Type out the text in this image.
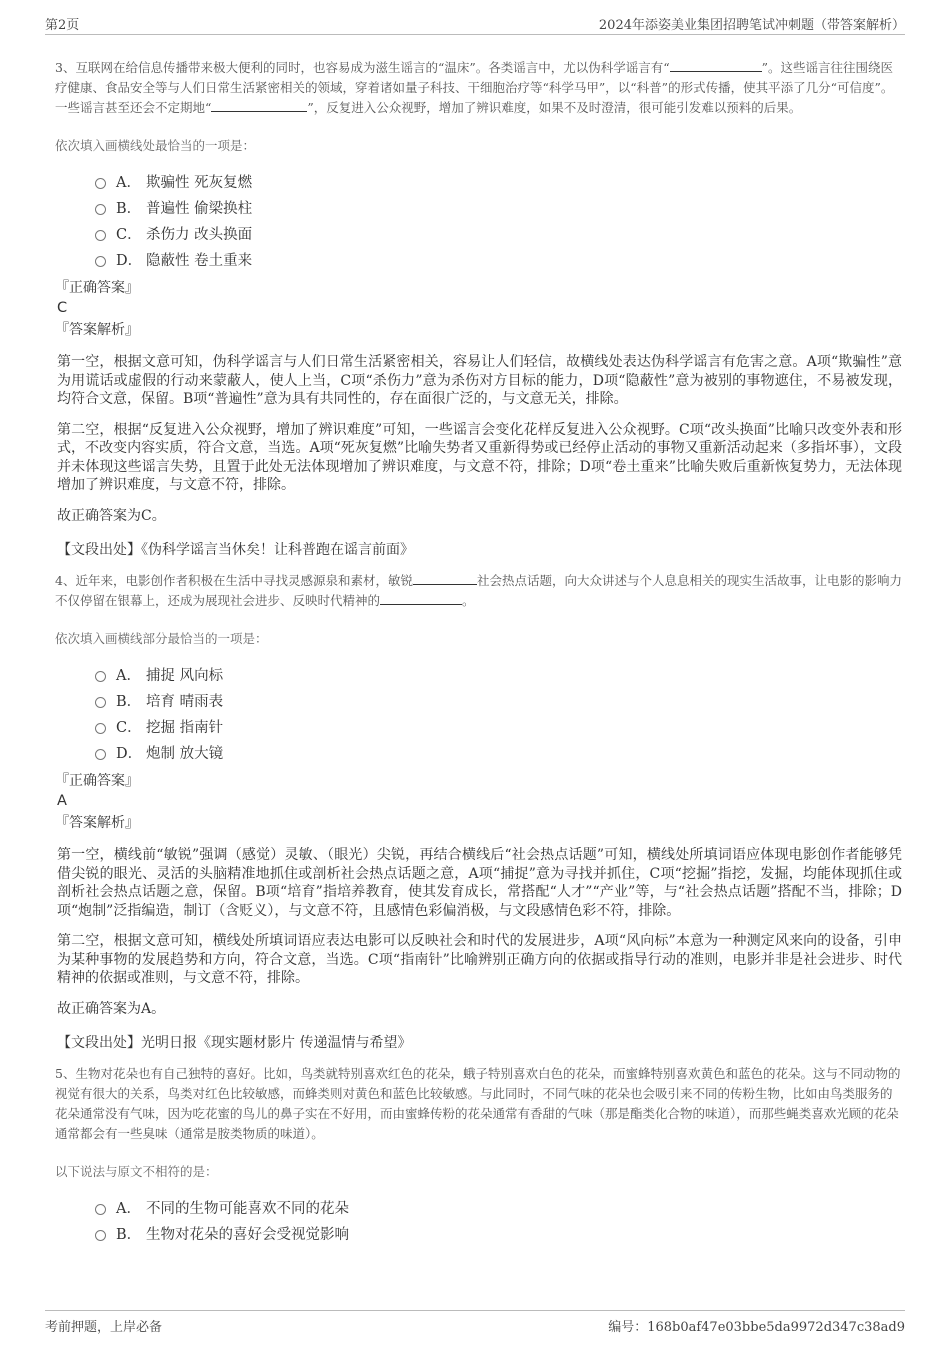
第2页	2024年添姿美业集团招聘笔试冲刺题（带答案解析）

3、互联网在给信息传播带来极大便利的同时，也容易成为滋生谣言的“温床”。各类谣言中，尤以伪科学谣言有“	”。这些谣言往往围绕医疗健康、食品安全等与人们日常生活紧密相关的领域，穿着诸如量子科技、干细胞治疗等“科学马甲”，以“科普”的形式传播，使其平添了几分“可信度”。一些谣言甚至还会不定期地“	”，反复进入公众视野，增加了辨识难度，如果不及时澄清，很可能引发难以预料的后果。

依次填入画横线处最恰当的一项是：

A． 欺骗性 死灰复燃
B． 普遍性 偷梁换柱
C． 杀伤力 改头换面
D． 隐蔽性 卷土重来

『正确答案』

C

『答案解析』

第一空，根据文意可知，伪科学谣言与人们日常生活紧密相关，容易让人们轻信，故横线处表达伪科学谣言有危害之意。A项“欺骗性”意为用谎话或虚假的行动来蒙蔽人，使人上当，C项“杀伤力”意为杀伤对方目标的能力，D项“隐蔽性”意为被别的事物遮住，不易被发现，均符合文意，保留。B项“普遍性”意为具有共同性的，存在面很广泛的，与文意无关，排除。

第二空，根据“反复进入公众视野，增加了辨识难度”可知，一些谣言会变化花样反复进入公众视野。C项“改头换面”比喻只改变外表和形式，不改变内容实质，符合文意，当选。A项“死灰复燃”比喻失势者又重新得势或已经停止活动的事物又重新活动起来（多指坏事），文段并未体现这些谣言失势，且置于此处无法体现增加了辨识难度，与文意不符，排除；D项“卷土重来”比喻失败后重新恢复势力，无法体现增加了辨识难度，与文意不符，排除。

故正确答案为C。

【文段出处】《伪科学谣言当休矣！让科普跑在谣言前面》

4、近年来，电影创作者积极在生活中寻找灵感源泉和素材，敏锐	社会热点话题，向大众讲述与个人息息相关的现实生活故事，让电影的影响力不仅停留在银幕上，还成为展现社会进步、反映时代精神的	。

依次填入画横线部分最恰当的一项是：

A． 捕捉 风向标
B． 培育 晴雨表
C． 挖掘 指南针
D． 炮制 放大镜

『正确答案』

A

『答案解析』

第一空，横线前“敏锐”强调（感觉）灵敏、（眼光）尖锐，再结合横线后“社会热点话题”可知，横线处所填词语应体现电影创作者能够凭借尖锐的眼光、灵活的头脑精准地抓住或剖析社会热点话题之意，A项“捕捉”意为寻找并抓住，C项“挖掘”指挖，发掘，均能体现抓住或剖析社会热点话题之意，保留。B项“培育”指培养教育，使其发育成长，常搭配“人才”“产业”等，与“社会热点话题”搭配不当，排除；D项“炮制”泛指编造，制订（含贬义），与文意不符，且感情色彩偏消极，与文段感情色彩不符，排除。

第二空，根据文意可知，横线处所填词语应表达电影可以反映社会和时代的发展进步，A项“风向标”本意为一种测定风来向的设备，引申为某种事物的发展趋势和方向，符合文意，当选。C项“指南针”比喻辨别正确方向的依据或指导行动的准则，电影并非是社会进步、时代精神的依据或准则，与文意不符，排除。

故正确答案为A。

【文段出处】光明日报《现实题材影片 传递温情与希望》

5、生物对花朵也有自己独特的喜好。比如，鸟类就特别喜欢红色的花朵，蛾子特别喜欢白色的花朵，而蜜蜂特别喜欢黄色和蓝色的花朵。这与不同动物的视觉有很大的关系，鸟类对红色比较敏感，而蜂类则对黄色和蓝色比较敏感。与此同时，不同气味的花朵也会吸引来不同的传粉生物，比如由鸟类服务的花朵通常没有气味，因为吃花蜜的鸟儿的鼻子实在不好用，而由蜜蜂传粉的花朵通常有香甜的气味（那是酯类化合物的味道），而那些蝇类喜欢光顾的花朵通常都会有一些臭味（通常是胺类物质的味道）。

以下说法与原文不相符的是：

A． 不同的生物可能喜欢不同的花朵
B． 生物对花朵的喜好会受视觉影响
考前押题，上岸必备	编号：168b0af47e03bbe5da9972d347c38ad9
